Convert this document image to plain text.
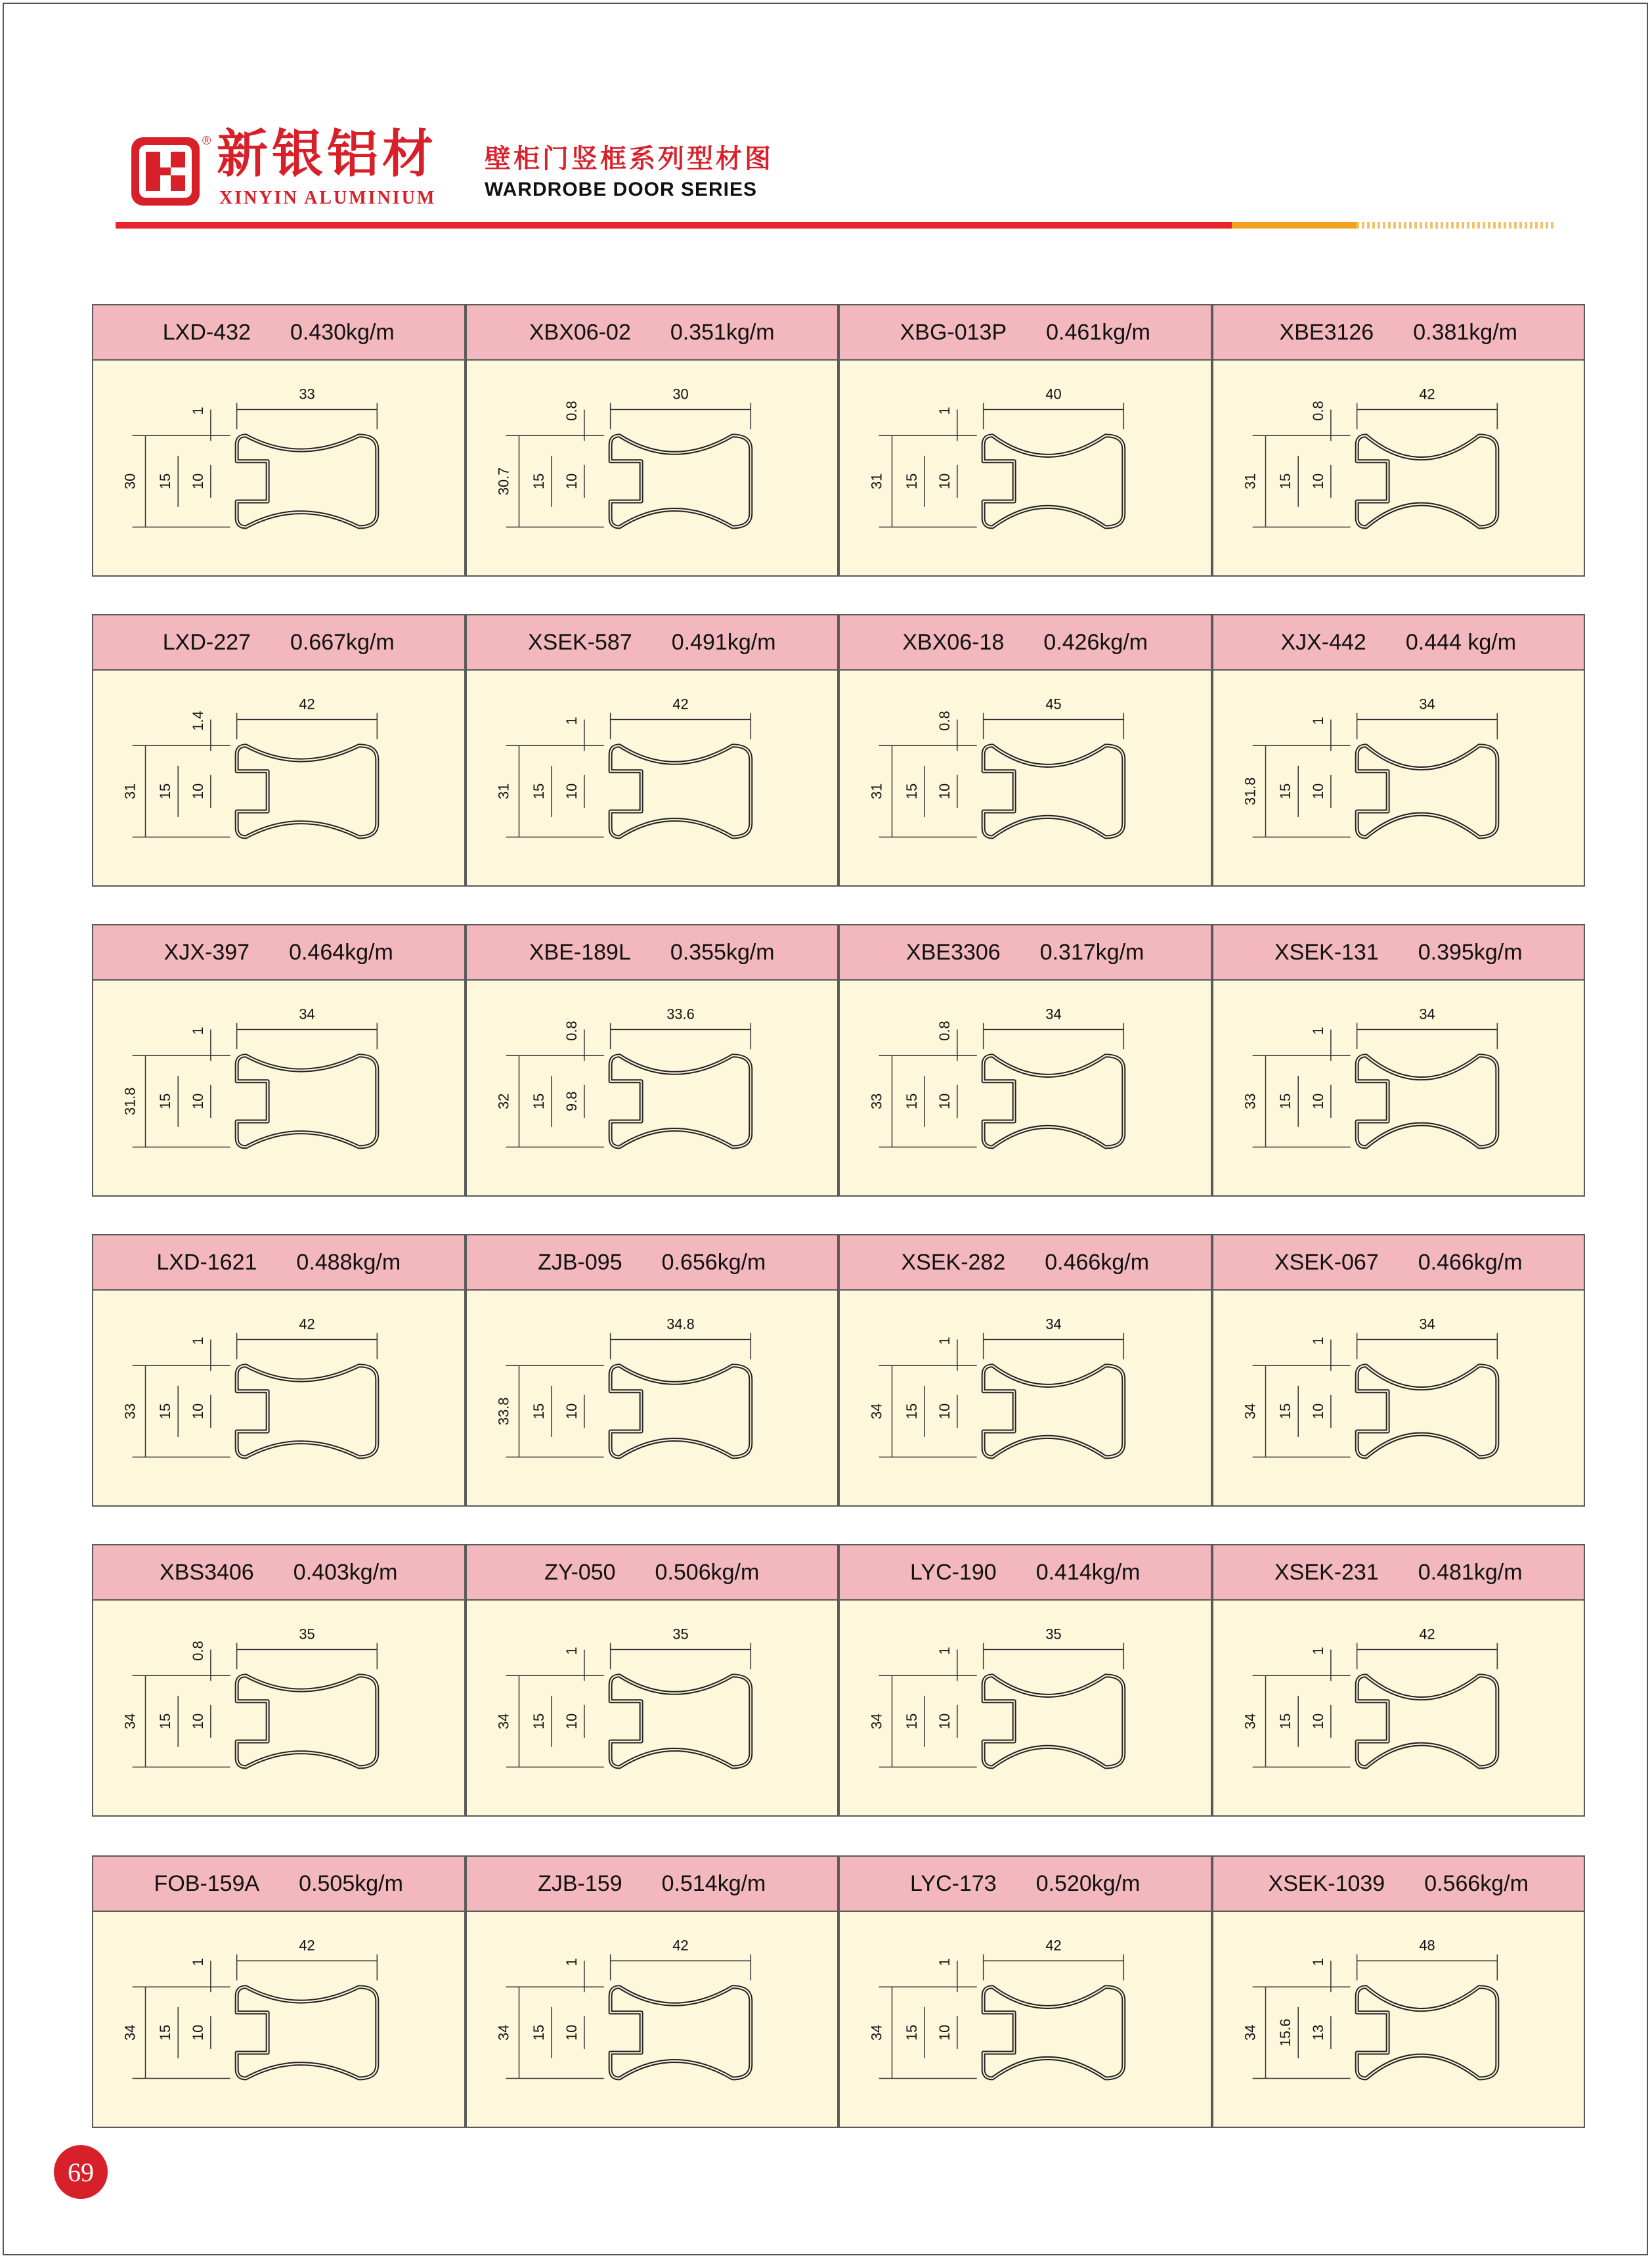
® 新银铝材
XINYIN ALUMINIUM
壁柜门竖框系列型材图
WARDROBE DOOR SERIES
LXD-432 0.430kg/m
33
30 15 10
1
XBX06-02 0.351kg/m
30
30.7 15 10
0.8
XBG-013P 0.461kg/m
40
31 15 10
1
XBE3126 0.381kg/m
42
31 15 10
0.8
LXD-227 0.667kg/m
42
31 15 10
1.4
XSEK-587 0.491kg/m
42
31 15 10
1
XBX06-18 0.426kg/m
45
31 15 10
0.8
XJX-442 0.444 kg/m
34
31.8 15 10
1
XJX-397 0.464kg/m
34
31.8 15 10
1
XBE-189L 0.355kg/m
33.6
32 15 9.8
0.8
XBE3306 0.317kg/m
34
33 15 10
0.8
XSEK-131 0.395kg/m
34
33 15 10
1
LXD-1621 0.488kg/m
42
33 15 10
1
ZJB-095 0.656kg/m
34.8
33.8 15 10
XSEK-282 0.466kg/m
34
34 15 10
1
XSEK-067 0.466kg/m
34
34 15 10
1
XBS3406 0.403kg/m
35
34 15 10
0.8
ZY-050 0.506kg/m
35
34 15 10
1
LYC-190 0.414kg/m
35
34 15 10
1
XSEK-231 0.481kg/m
42
34 15 10
1
FOB-159A 0.505kg/m
42
34 15 10
1
ZJB-159 0.514kg/m
42
34 15 10
1
LYC-173 0.520kg/m
42
34 15 10
1
XSEK-1039 0.566kg/m
48
34 15.6 13
1
69
